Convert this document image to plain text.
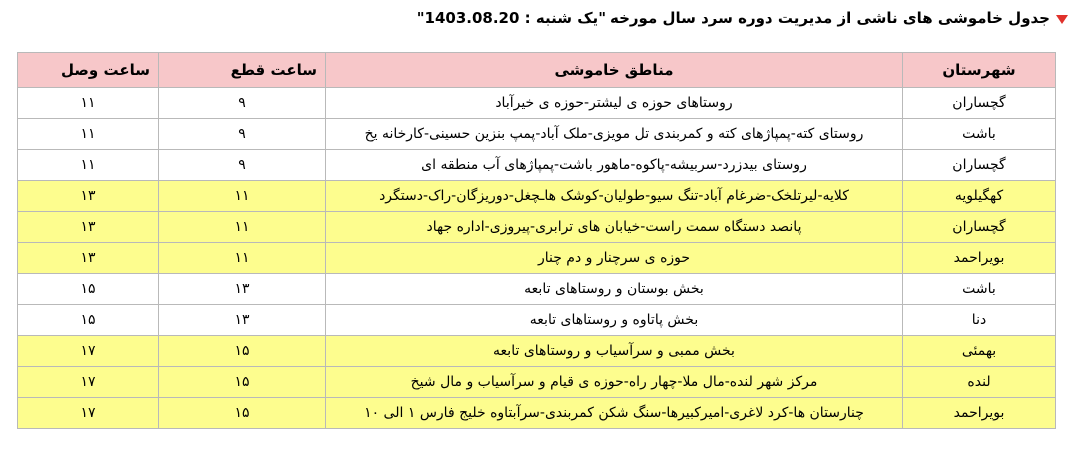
جدول خاموشی های ناشی از مدیریت دوره سرد سال مورخه
"یک شنبه : 1403.08.20"
شهرستان	مناطق خاموشی	ساعت قطع	ساعت وصل
گچساران	روستاهای حوزه ی لیشتر-حوزه ی خیرآباد	۹	۱۱
باشت	روستای کته-پمپاژهای کته و کمربندی تل مویزی-ملک آباد-پمپ بنزین حسینی-کارخانه یخ	۹	۱۱
گچساران	روستای بیدزرد-سربیشه-پاکوه-ماهور باشت-پمپاژهای آب منطقه ای	۹	۱۱
کهگیلویه	کلایه-لیرتلخک-ضرغام آباد-تنگ سیو-طولیان-کوشک هاـچغل-دوریزگان-راک-دستگرد	۱۱	۱۳
گچساران	پانصد دستگاه سمت راست-خیابان های ترابری-پیروزی-اداره جهاد	۱۱	۱۳
بویراحمد	حوزه ی سرچنار و دم چنار	۱۱	۱۳
باشت	بخش بوستان و روستاهای تابعه	۱۳	۱۵
دنا	بخش پاتاوه و روستاهای تابعه	۱۳	۱۵
بهمئی	بخش ممبی و سرآسیاب و روستاهای تابعه	۱۵	۱۷
لنده	مرکز شهر لنده-مال ملا-چهار راه-حوزه ی قیام و سرآسیاب و مال شیخ	۱۵	۱۷
بویراحمد	چنارستان ها-کرد لاغری-امیرکبیرها-سنگ شکن کمربندی-سرآبتاوه خلیج فارس ۱ الی ۱۰	۱۵	۱۷
